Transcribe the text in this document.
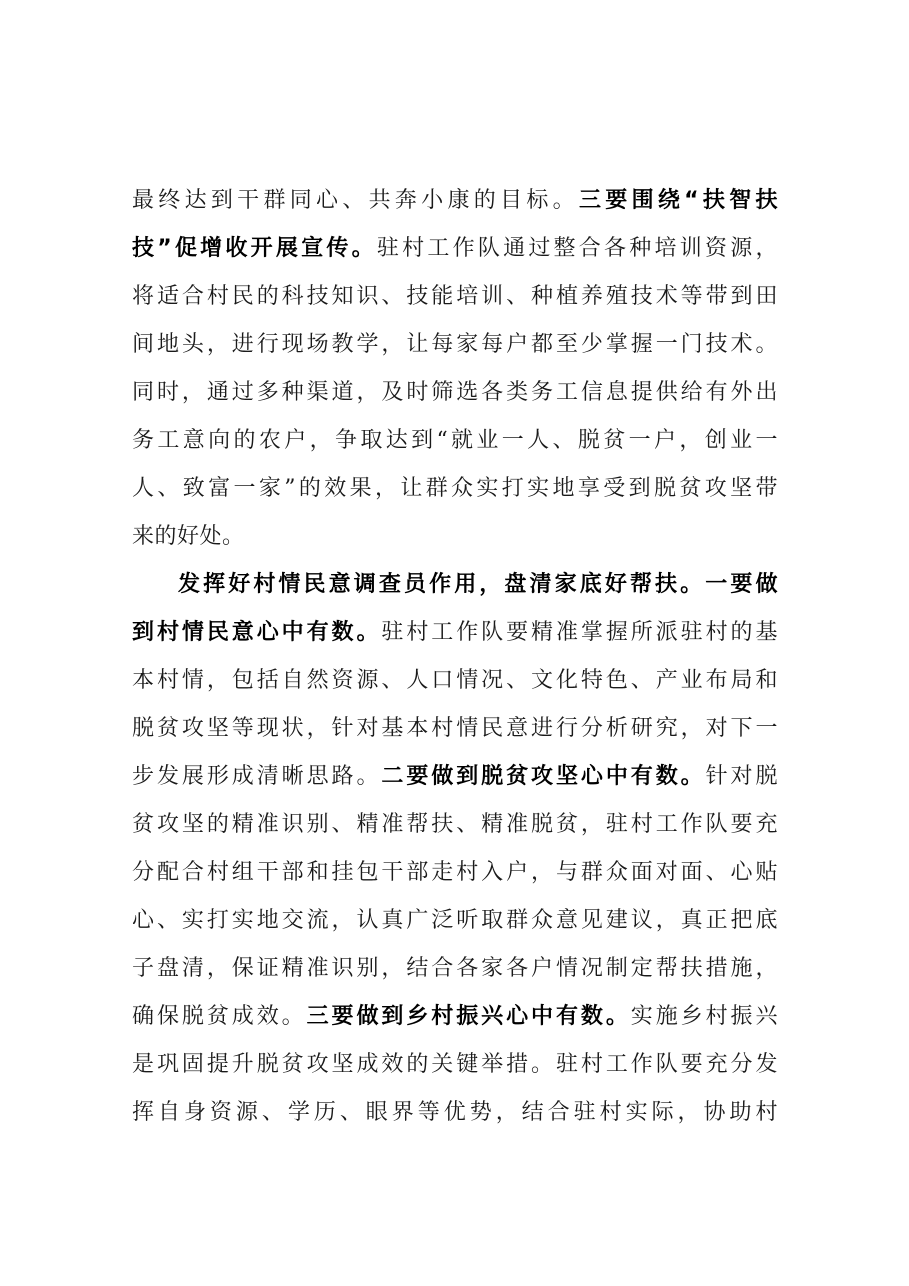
最终达到干群同心、共奔小康的目标。三要围绕“扶智扶
技”促增收开展宣传。驻村工作队通过整合各种培训资源，
将适合村民的科技知识、技能培训、种植养殖技术等带到田
间地头，进行现场教学，让每家每户都至少掌握一门技术。
同时，通过多种渠道，及时筛选各类务工信息提供给有外出
务工意向的农户，争取达到“就业一人、脱贫一户，创业一
人、致富一家”的效果，让群众实打实地享受到脱贫攻坚带
来的好处。
发挥好村情民意调查员作用，盘清家底好帮扶。一要做
到村情民意心中有数。驻村工作队要精准掌握所派驻村的基
本村情，包括自然资源、人口情况、文化特色、产业布局和
脱贫攻坚等现状，针对基本村情民意进行分析研究，对下一
步发展形成清晰思路。二要做到脱贫攻坚心中有数。针对脱
贫攻坚的精准识别、精准帮扶、精准脱贫，驻村工作队要充
分配合村组干部和挂包干部走村入户，与群众面对面、心贴
心、实打实地交流，认真广泛听取群众意见建议，真正把底
子盘清，保证精准识别，结合各家各户情况制定帮扶措施，
确保脱贫成效。三要做到乡村振兴心中有数。实施乡村振兴
是巩固提升脱贫攻坚成效的关键举措。驻村工作队要充分发
挥自身资源、学历、眼界等优势，结合驻村实际，协助村
